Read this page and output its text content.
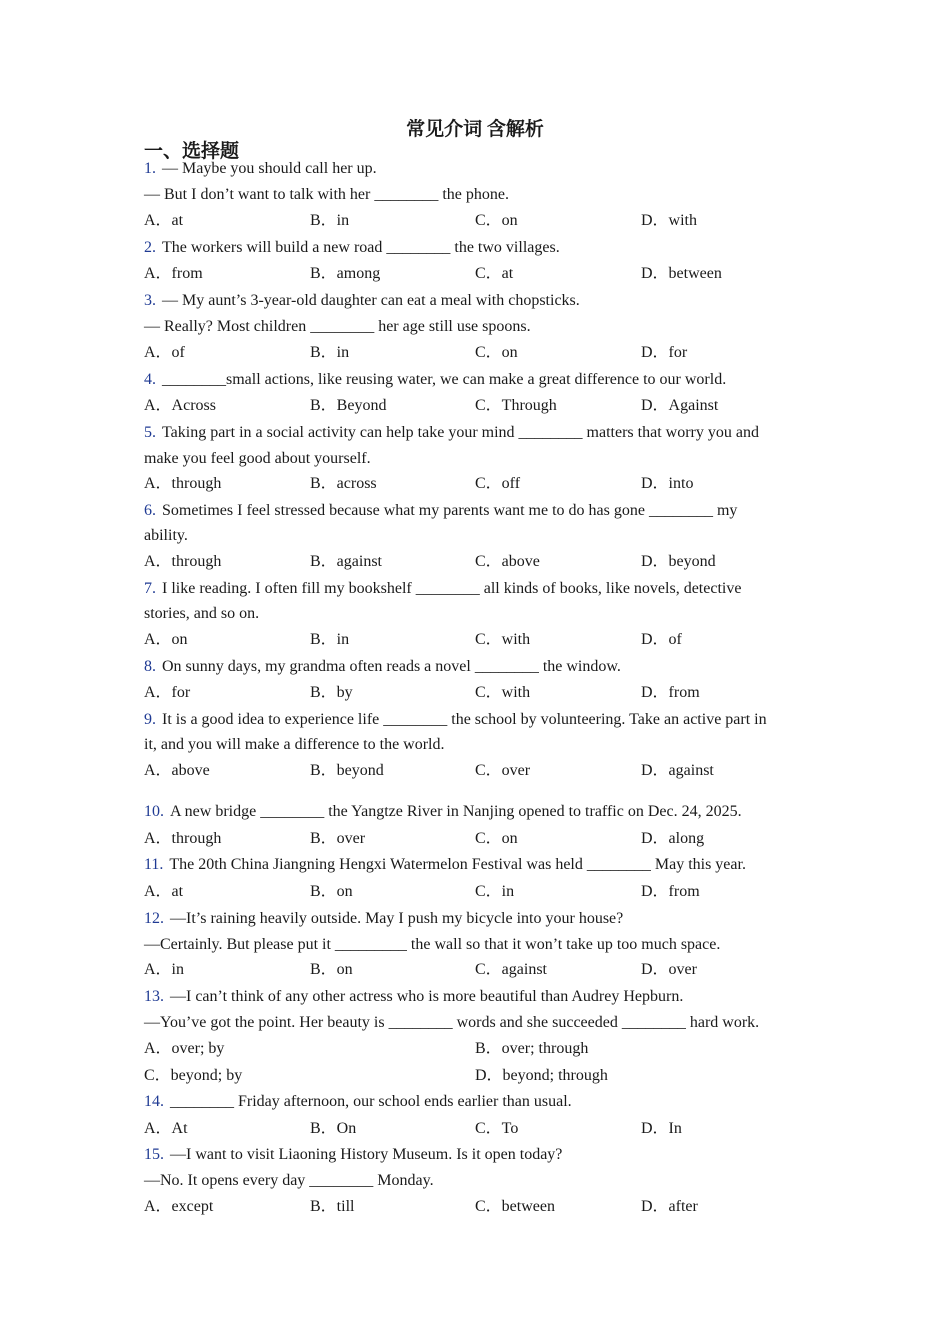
常见介词 含解析
一、选择题
1. — Maybe you should call her up.
— But I don’t want to talk with her ________ the phone.
A．at	B．in	C．on	D．with
2. The workers will build a new road ________ the two villages.
A．from	B．among	C．at	D．between
3. — My aunt’s 3-year-old daughter can eat a meal with chopsticks.
— Really? Most children ________ her age still use spoons.
A．of	B．in	C．on	D．for
4. ________small actions, like reusing water, we can make a great difference to our world.
A．Across	B．Beyond	C．Through	D．Against
5. Taking part in a social activity can help take your mind ________ matters that worry you and
make you feel good about yourself.
A．through	B．across	C．off	D．into
6. Sometimes I feel stressed because what my parents want me to do has gone ________ my
ability.
A．through	B．against	C．above	D．beyond
7. I like reading. I often fill my bookshelf ________ all kinds of books, like novels, detective
stories, and so on.
A．on	B．in	C．with	D．of
8. On sunny days, my grandma often reads a novel ________ the window.
A．for	B．by	C．with	D．from
9. It is a good idea to experience life ________ the school by volunteering. Take an active part in
it, and you will make a difference to the world.
A．above	B．beyond	C．over	D．against
10. A new bridge ________ the Yangtze River in Nanjing opened to traffic on Dec. 24, 2025.
A．through	B．over	C．on	D．along
11. The 20th China Jiangning Hengxi Watermelon Festival was held ________ May this year.
A．at	B．on	C．in	D．from
12. —It’s raining heavily outside. May I push my bicycle into your house?
—Certainly. But please put it _________ the wall so that it won’t take up too much space.
A．in	B．on	C．against	D．over
13. —I can’t think of any other actress who is more beautiful than Audrey Hepburn.
—You’ve got the point. Her beauty is ________ words and she succeeded ________ hard work.
A．over; by	B．over; through
C．beyond; by	D．beyond; through
14. ________ Friday afternoon, our school ends earlier than usual.
A．At	B．On	C．To	D．In
15. —I want to visit Liaoning History Museum. Is it open today?
—No. It opens every day ________ Monday.
A．except	B．till	C．between	D．after
